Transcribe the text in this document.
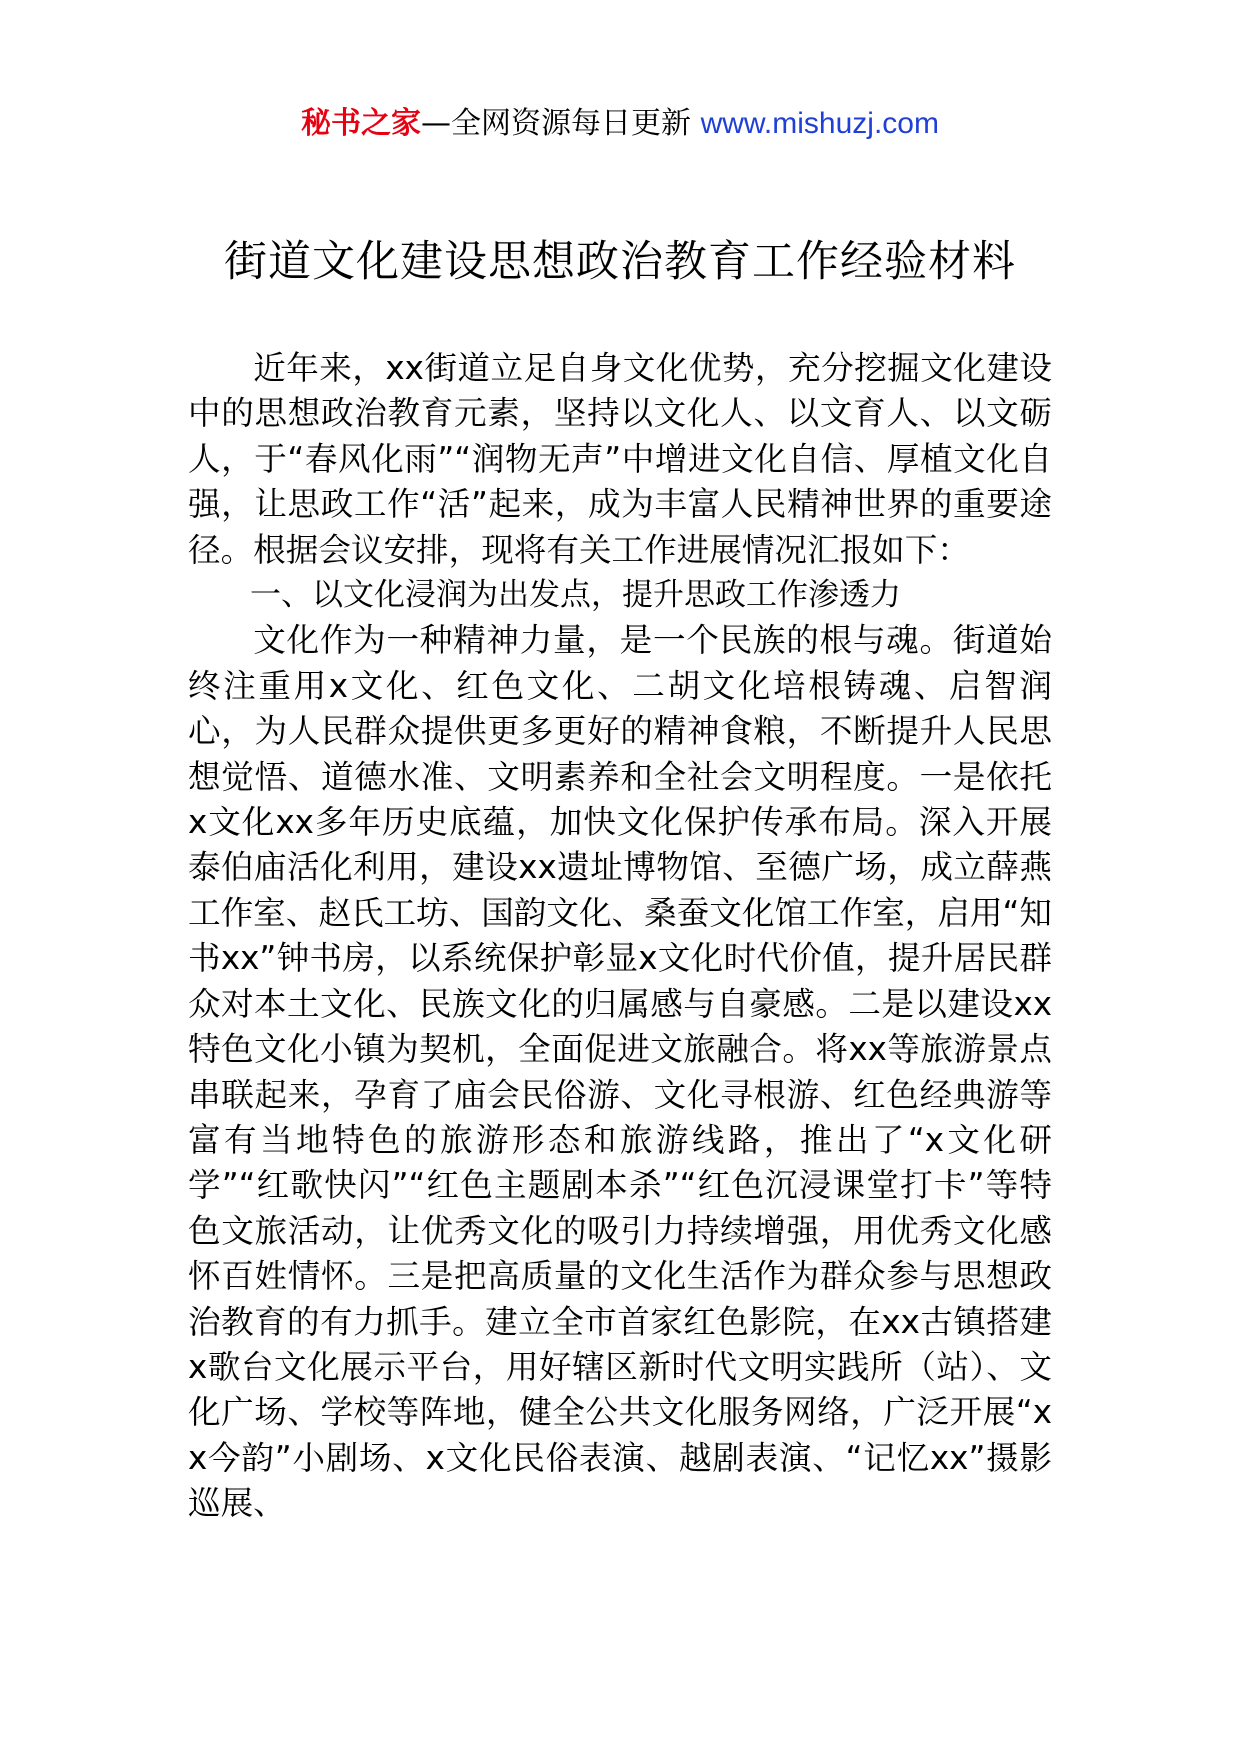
秘书之家—全网资源每日更新 www.mishuzj.com
街道文化建设思想政治教育工作经验材料

近年来，xx街道立足自身文化优势，充分挖掘文化建设中的思想政治教育元素，坚持以文化人、以文育人、以文砺人，于“春风化雨”“润物无声”中增进文化自信、厚植文化自强，让思政工作“活”起来，成为丰富人民精神世界的重要途径。根据会议安排，现将有关工作进展情况汇报如下：

一、以文化浸润为出发点，提升思政工作渗透力

文化作为一种精神力量，是一个民族的根与魂。街道始终注重用x文化、红色文化、二胡文化培根铸魂、启智润心，为人民群众提供更多更好的精神食粮，不断提升人民思想觉悟、道德水准、文明素养和全社会文明程度。一是依托x文化xx多年历史底蕴，加快文化保护传承布局。深入开展泰伯庙活化利用，建设xx遗址博物馆、至德广场，成立薛燕工作室、赵氏工坊、国韵文化、桑蚕文化馆工作室，启用“知书xx”钟书房，以系统保护彰显x文化时代价值，提升居民群众对本土文化、民族文化的归属感与自豪感。二是以建设xx特色文化小镇为契机，全面促进文旅融合。将xx等旅游景点串联起来，孕育了庙会民俗游、文化寻根游、红色经典游等富有当地特色的旅游形态和旅游线路，推出了“x文化研学”“红歌快闪”“红色主题剧本杀”“红色沉浸课堂打卡”等特色文旅活动，让优秀文化的吸引力持续增强，用优秀文化感怀百姓情怀。三是把高质量的文化生活作为群众参与思想政治教育的有力抓手。建立全市首家红色影院，在xx古镇搭建x歌台文化展示平台，用好辖区新时代文明实践所（站）、文化广场、学校等阵地，健全公共文化服务网络，广泛开展“xx今韵”小剧场、x文化民俗表演、越剧表演、“记忆xx”摄影巡展、
